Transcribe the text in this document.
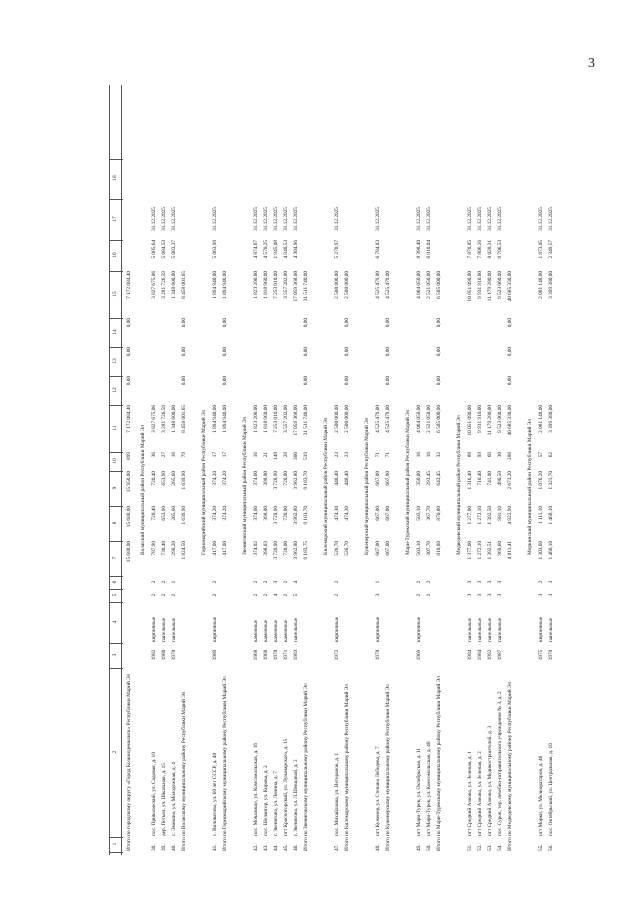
3
1
2
3
4
5
6
7
8
9
10
11
12
13
14
15
16
17
18
15 688,00
15 688,00
15 950,00
899
7 172 084,40
0,00
0,00
0,00
7 172 084,40
Итого по городскому округу «Город Козьмодемьянск» Республики Марий Эл
Волжский муниципальный район Республики Марий Эл
38.
пос. Приволжский, ул. Садовая, д. 10
1982
кирпичные
2
2
787,90
720,40
720,40
36
3 827 675,06
3 827 675,06
5 085,64
31.12.2025
39.
дер. Петьял, ул. Школьная, д. 15
1980
панельные
2
2
738,40
653,90
653,90
27
3 281 726,59
3 281 726,59
5 084,53
31.12.2025
40.
с. Эмеково, ул. Молодежная, д. 4
1970
панельные
2
1
298,20
265,60
265,60
16
1 348 600,00
1 348 600,00
5 083,37
31.12.2025
1 824,50
1 639,90
1 639,90
79
8 458 001,65
0,00
0,00
0,00
8 458 001,65
Итого по Волжскому муниципальному району Республики Марий Эл
Горномарийский муниципальный район Республики Марий Эл
41.
с. Виловатово, ул. 60 лет СССР, д. 40
1989
кирпичные
2
2
417,00
374,20
374,20
17
1 894 940,00
1 894 940,00
5 063,98
31.12.2025
417,00
374,20
374,20
17
1 894 940,00
0,00
0,00
0,00
1 894 940,00
Итого по Горномарийскому муниципальному району Республики Марий Эл
Звениговский муниципальный район Республики Марий Эл
42.
пос. Мочалище, ул. Комсомольская, д. 16
1968
каменные
2
2
374,02
374,00
374,00
16
1 823 200,00
1 823 200,00
4 874,67
31.12.2025
43.
пос. Шелангер, ул. Кирова, д. 2
1968
каменные
2
2
398,03
398,00
398,00
21
1 818 960,00
1 818 960,00
4 570,25
31.12.2025
44.
г. Звенигово, ул. Ленина, д. 7
1970
каменные
4
3
3 728,90
3 728,90
3 728,90
148
7 253 010,00
7 253 010,00
1 945,08
31.12.2025
45.
пгт Красногорский, ул. Луначарского, д. 15
1971
каменные
2
2
720,00
720,00
720,00
28
3 557 202,00
3 557 202,00
4 940,53
31.12.2025
46.
г. Звенигово, ул. Л.Шевцовой, д. 2
1983
панельные
5
4
3 962,80
3 962,80
3 962,80
306
17 059 368,00
17 059 368,00
4 304,96
31.12.2025
9 183,75
9 183,70
9 183,70
519
31 511 740,00
0,00
0,00
0,00
31 511 740,00
Итого по Звениговскому муниципальному району Республики Марий Эл
Килемарский муниципальный район Республики Марий Эл
47.
пос. Михайловка, ул. Ветеранов, д. 1
1972
кирпичные
2
2
526,70
474,30
448,40
23
2 500 000,00
2 500 000,00
5 270,97
31.12.2025
526,70
474,30
448,40
23
2 500 000,00
0,00
0,00
0,00
2 500 000,00
Итого по Килемарскому муниципальному району Республики Марий Эл
Куженерский муниципальный район Республики Марий Эл
48.
пгт Куженер, ул. Степана Лебедева, д. 7
1978
кирпичные
3
1
667,00
667,00
667,00
71
4 525 479,00
4 525 479,00
6 784,83
31.12.2025
667,00
667,00
667,00
71
4 525 479,00
0,00
0,00
0,00
4 525 479,00
Итого по Куженерскому муниципальному району Республики Марий Эл
Мари-Турекский муниципальный район Республики Марий Эл
49.
пгт Мари-Турек, ул. Октябрьская, д. 11
1969
кирпичные
2
2
503,10
503,10
350,00
16
4 064 050,00
4 064 050,00
8 398,40
31.12.2025
50.
пгт Мари-Турек, ул. Комсомольская, д. 48
2
2
307,70
367,70
293,45
16
2 521 050,00
2 521 050,00
6 810,04
31.12.2025
810,80
870,80
643,45
32
6 585 000,00
0,00
0,00
0,00
6 585 000,00
Итого по Мари-Турекскому муниципальному району Республики Марий Эл
Медведевский муниципальный район Республики Марий Эл
51.
пгт Средний Азиово, ул. Зеленая, д. 1
1984
панельные
3
3
1 377,00
1 277,00
1 316,40
88
10 051 090,00
10 051 090,00
7 870,85
31.12.2025
52.
пгт Средний Азиово, ул. Зеленая, д. 2
1984
панельные
3
3
1 272,10
1 272,10
710,40
99
9 931 910,00
9 931 910,00
7 806,26
31.12.2025
53.
пгт Средний Азиово, ул. Медикостроителей, д. 3
1992
панельные
3
3
1 392,51
1 392,50
741,00
69
11 179 280,00
11 179 280,00
8 028,31
31.12.2025
54.
пос. Сурок, тер. лечебно-исправительного учреждения № 3, д. 2
1987
панельные
3
3
969,60
981,10
490,50
30
9 523 060,00
9 523 060,00
9 706,53
31.12.2025
4 011,41
4 922,90
2 673,20
286
40 685 330,00
0,00
0,00
0,00
40 685 330,00
Итого по Медведевскому муниципальному району Республики Марий Эл
Моркинский муниципальный район Республики Марий Эл
55.
пгт Морки, ул. Мелиораторов, д. 46
1975
кирпичные
3
2
1 303,60
1 111,10
1 076,20
57
2 081 148,00
2 081 148,00
1 873,05
31.12.2025
56.
пос. Октябрьский, ул. Центральная, д. 10
1978
панельные
3
3
1 468,10
1 468,10
1 321,70
62
3 399 380,00
3 399 380,00
2 349,57
31.12.2025
